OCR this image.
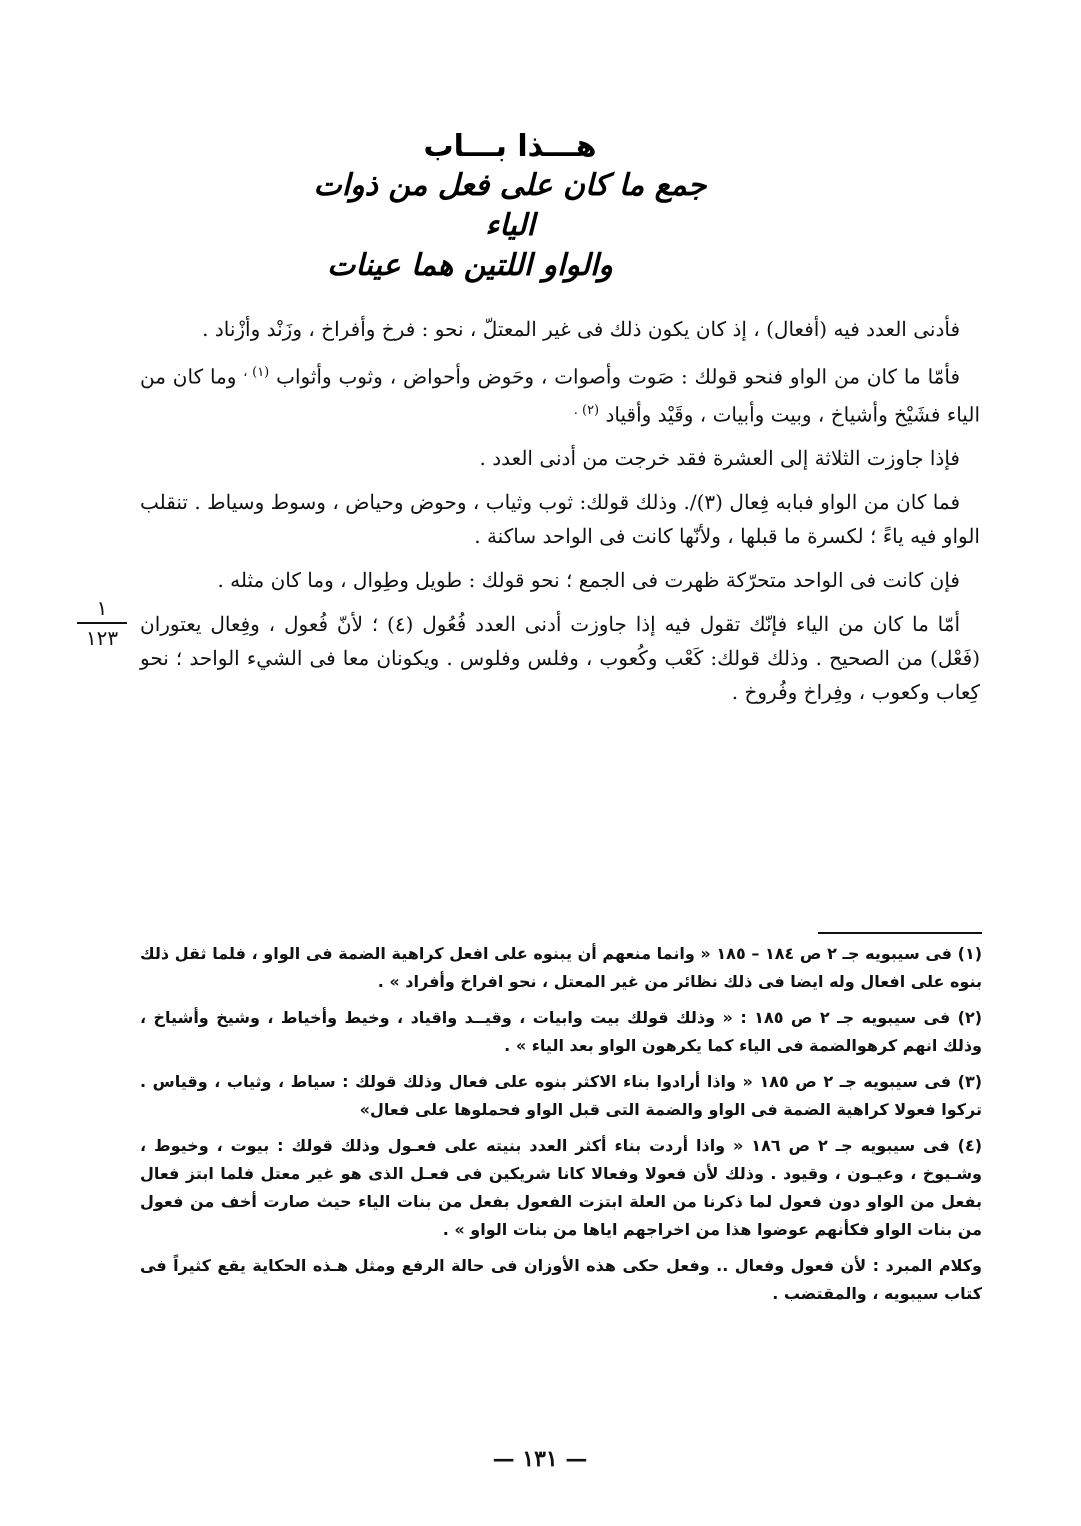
هـــذا بـــاب
جمع ما كان على فعل من ذوات الياء
والواو اللتين هما عينات

فأدنى العدد فيه (أفعال) ، إذ كان يكون ذلك فى غير المعتلّ ، نحو : فرخ وأفراخ ، وزَنْد وأزْناد .

فأمّا ما كان من الواو فنحو قولك : صَوت وأصوات ، وحَوض وأحواض ، وثوب وأثواب $^{(١) ،}$ وما كان من الياء فشَيْخ وأشياخ ، وبيت وأبيات ، وقَيْد وأقياد $^{(٢) .}$

فإذا جاوزت الثلاثة إلى العشرة فقد خرجت من أدنى العدد .

فما كان من الواو فبابه فِعال (٣)/. وذلك قولك: ثوب وثياب ، وحوض وحياض ، وسوط وسياط . تنقلب الواو فيه ياءً ؛ لكسرة ما قبلها ، ولأنّها كانت فى الواحد ساكنة .

فإن كانت فى الواحد متحرّكة ظهرت فى الجمع ؛ نحو قولك : طويل وطِوال ، وما كان مثله .

أمّا ما كان من الياء فإنّك تقول فيه إذا جاوزت أدنى العدد فُعُول (٤) ؛ لأنّ فُعول ، وفِعال يعتوران (فَعْل) من الصحيح . وذلك قولك: كَعْب وكُعوب ، وفلس وفلوس . ويكونان معا فى الشيء الواحد ؛ نحو كِعاب وكعوب ، وفِراخ وفُروخ .

١
١٢٣

(١) فى سيبويه جـ ٢ ص ١٨٤ – ١٨٥ « وانما منعهم أن يبنوه على افعل كراهية الضمة فى الواو ، فلما ثقل ذلك بنوه على افعال وله ايضا فى ذلك نظائر من غير المعتل ، نحو افراخ وأفراد » .

(٢) فى سيبويه جـ ٢ ص ١٨٥ : « وذلك قولك بيت وابيات ، وقيــد واقياد ، وخيط وأخياط ، وشيخ وأشياخ ، وذلك انهم كرهوالضمة فى الياء كما يكرهون الواو بعد الياء » .

(٣) فى سيبويه جـ ٢ ص ١٨٥ « واذا أرادوا بناء الاكثر بنوه على فعال وذلك قولك : سياط ، وثياب ، وقياس . تركوا فعولا كراهية الضمة فى الواو والضمة التى قبل الواو فحملوها على فعال»

(٤) فى سيبويه جـ ٢ ص ١٨٦ « واذا أردت بناء أكثر العدد بنيته على فعـول وذلك قولك : بيوت ، وخيوط ، وشـيوخ ، وعيـون ، وقيود . وذلك لأن فعولا وفعالا كانا شريكين فى فعـل الذى هو غير معتل فلما ابتز فعال بفعل من الواو دون فعول لما ذكرنا من العلة ابتزت الفعول بفعل من بنات الياء حيث صارت أخف من فعول من بنات الواو فكأنهم عوضوا هذا من اخراجهم اياها من بنات الواو » .

وكلام المبرد : لأن فعول وفعال .. وفعل حكى هذه الأوزان فى حالة الرفع ومثل هـذه الحكاية يقع كثيراً فى كتاب سيبويه ، والمقتضب .

— ١٣١ —
